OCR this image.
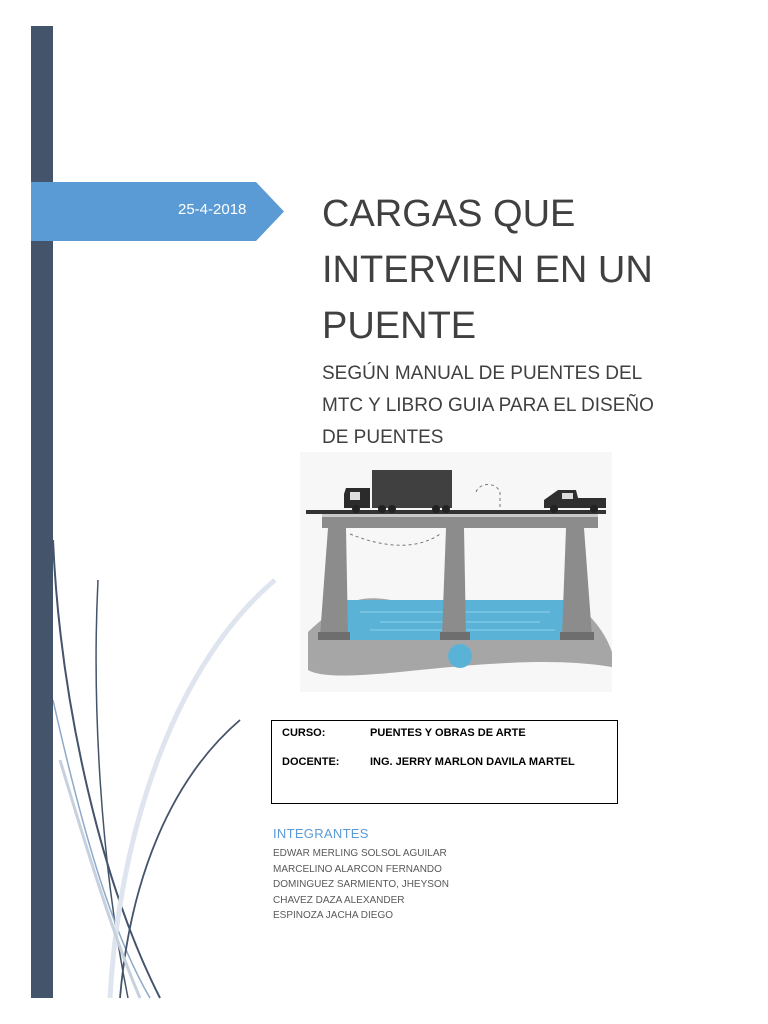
25-4-2018	CARGAS QUE
INTERVIEN EN UN
PUENTE
SEGÚN MANUAL DE PUENTES DEL
MTC Y LIBRO GUIA PARA EL DISEÑO
DE PUENTES
CURSO:	PUENTES Y OBRAS DE ARTE
DOCENTE:	ING. JERRY MARLON DAVILA MARTEL
INTEGRANTES
EDWAR MERLING SOLSOL AGUILAR
MARCELINO ALARCON FERNANDO
DOMINGUEZ SARMIENTO, JHEYSON
CHAVEZ DAZA ALEXANDER
ESPINOZA JACHA DIEGO
